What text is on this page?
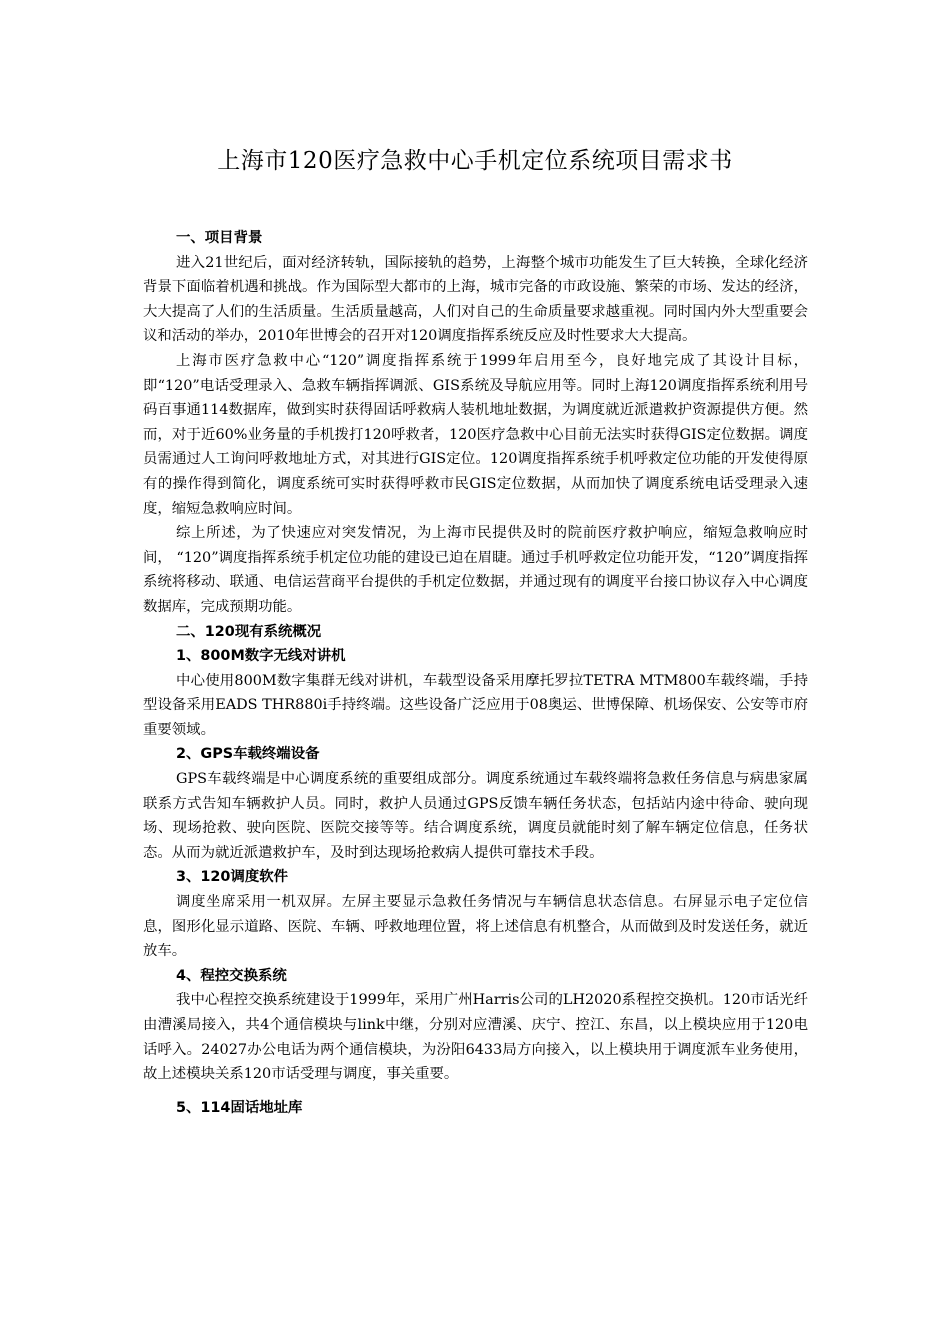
上海市120医疗急救中心手机定位系统项目需求书

一、项目背景

进入21世纪后，面对经济转轨，国际接轨的趋势，上海整个城市功能发生了巨大转换，全球化经济背景下面临着机遇和挑战。作为国际型大都市的上海，城市完备的市政设施、繁荣的市场、发达的经济，大大提高了人们的生活质量。生活质量越高，人们对自己的生命质量要求越重视。同时国内外大型重要会议和活动的举办，2010年世博会的召开对120调度指挥系统反应及时性要求大大提高。

上海市医疗急救中心“120”调度指挥系统于1999年启用至今，良好地完成了其设计目标，即“120”电话受理录入、急救车辆指挥调派、GIS系统及导航应用等。同时上海120调度指挥系统利用号码百事通114数据库，做到实时获得固话呼救病人装机地址数据，为调度就近派遣救护资源提供方便。然而，对于近60%业务量的手机拨打120呼救者，120医疗急救中心目前无法实时获得GIS定位数据。调度员需通过人工询问呼救地址方式，对其进行GIS定位。120调度指挥系统手机呼救定位功能的开发使得原有的操作得到简化，调度系统可实时获得呼救市民GIS定位数据，从而加快了调度系统电话受理录入速度，缩短急救响应时间。

综上所述，为了快速应对突发情况，为上海市民提供及时的院前医疗救护响应，缩短急救响应时间， “120”调度指挥系统手机定位功能的建设已迫在眉睫。通过手机呼救定位功能开发，“120”调度指挥系统将移动、联通、电信运营商平台提供的手机定位数据，并通过现有的调度平台接口协议存入中心调度数据库，完成预期功能。

二、120现有系统概况

1、800M数字无线对讲机

中心使用800M数字集群无线对讲机，车载型设备采用摩托罗拉TETRA MTM800车载终端，手持型设备采用EADS THR880i手持终端。这些设备广泛应用于08奥运、世博保障、机场保安、公安等市府重要领域。

2、GPS车载终端设备

GPS车载终端是中心调度系统的重要组成部分。调度系统通过车载终端将急救任务信息与病患家属联系方式告知车辆救护人员。同时，救护人员通过GPS反馈车辆任务状态，包括站内途中待命、驶向现场、现场抢救、驶向医院、医院交接等等。结合调度系统，调度员就能时刻了解车辆定位信息，任务状态。从而为就近派遣救护车，及时到达现场抢救病人提供可靠技术手段。

3、120调度软件

调度坐席采用一机双屏。左屏主要显示急救任务情况与车辆信息状态信息。右屏显示电子定位信息，图形化显示道路、医院、车辆、呼救地理位置，将上述信息有机整合，从而做到及时发送任务，就近放车。

4、程控交换系统

我中心程控交换系统建设于1999年，采用广州Harris公司的LH2020系程控交换机。120市话光纤由漕溪局接入，共4个通信模块与link中继，分别对应漕溪、庆宁、控江、东昌，以上模块应用于120电话呼入。24027办公电话为两个通信模块，为汾阳6433局方向接入，以上模块用于调度派车业务使用，故上述模块关系120市话受理与调度，事关重要。

5、114固话地址库
